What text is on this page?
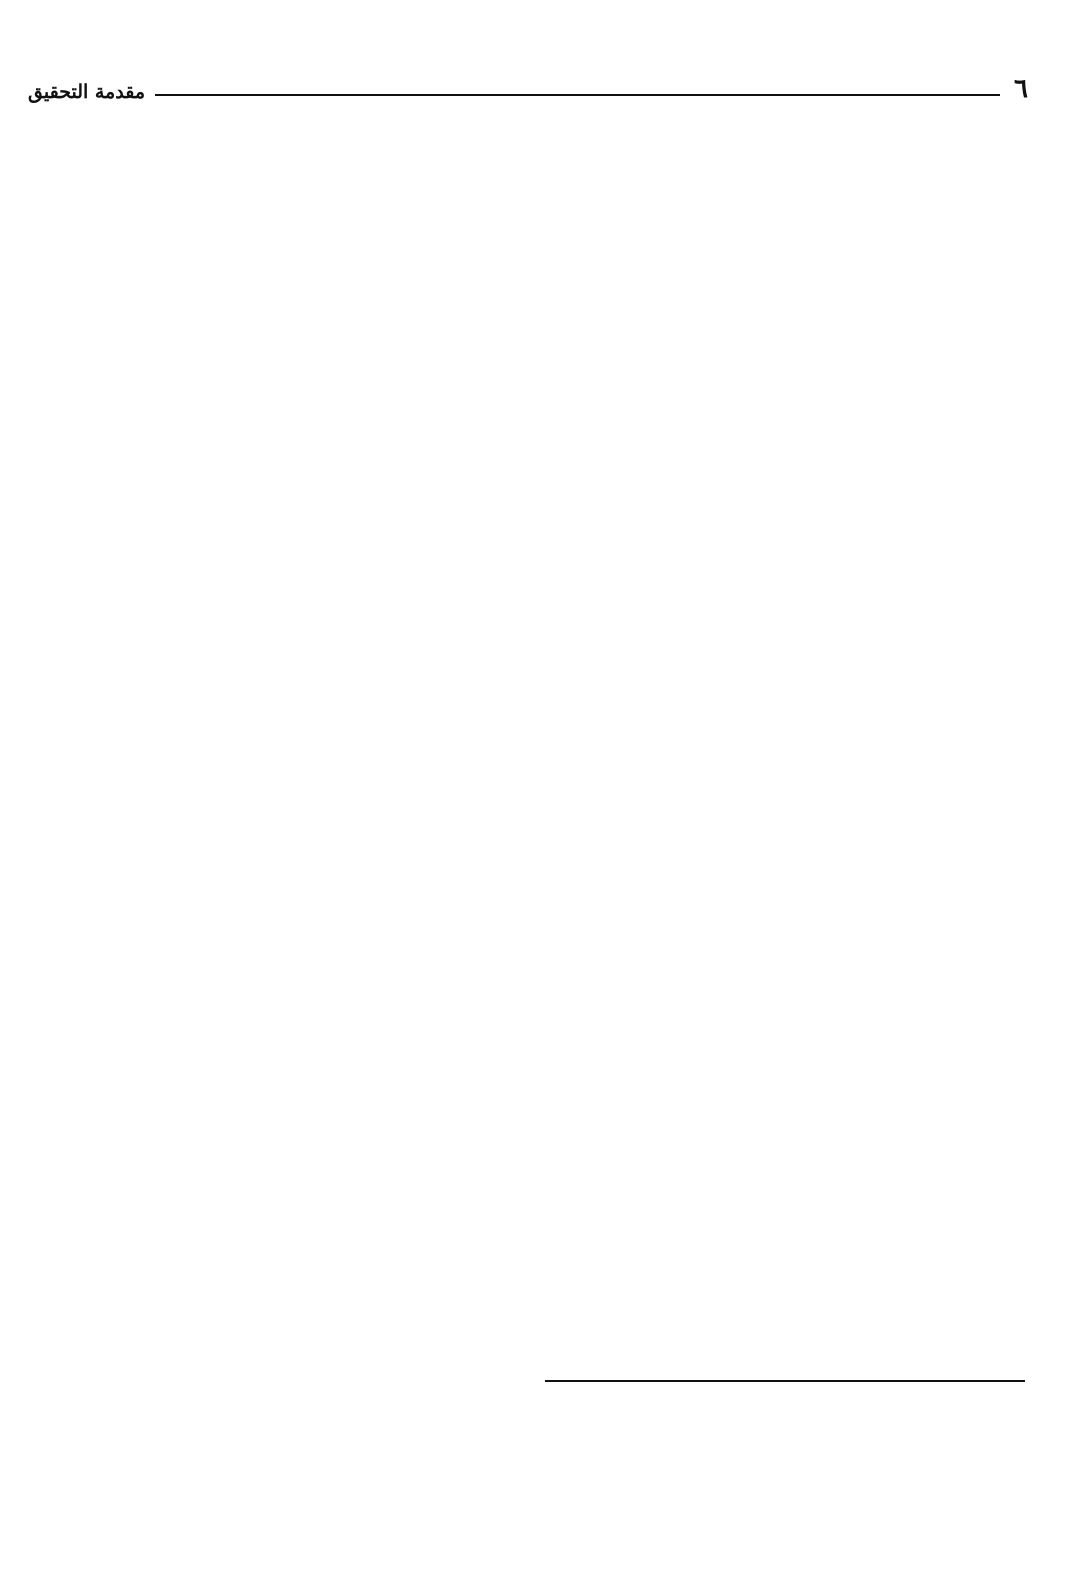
٦
مقدمة التحقيق
